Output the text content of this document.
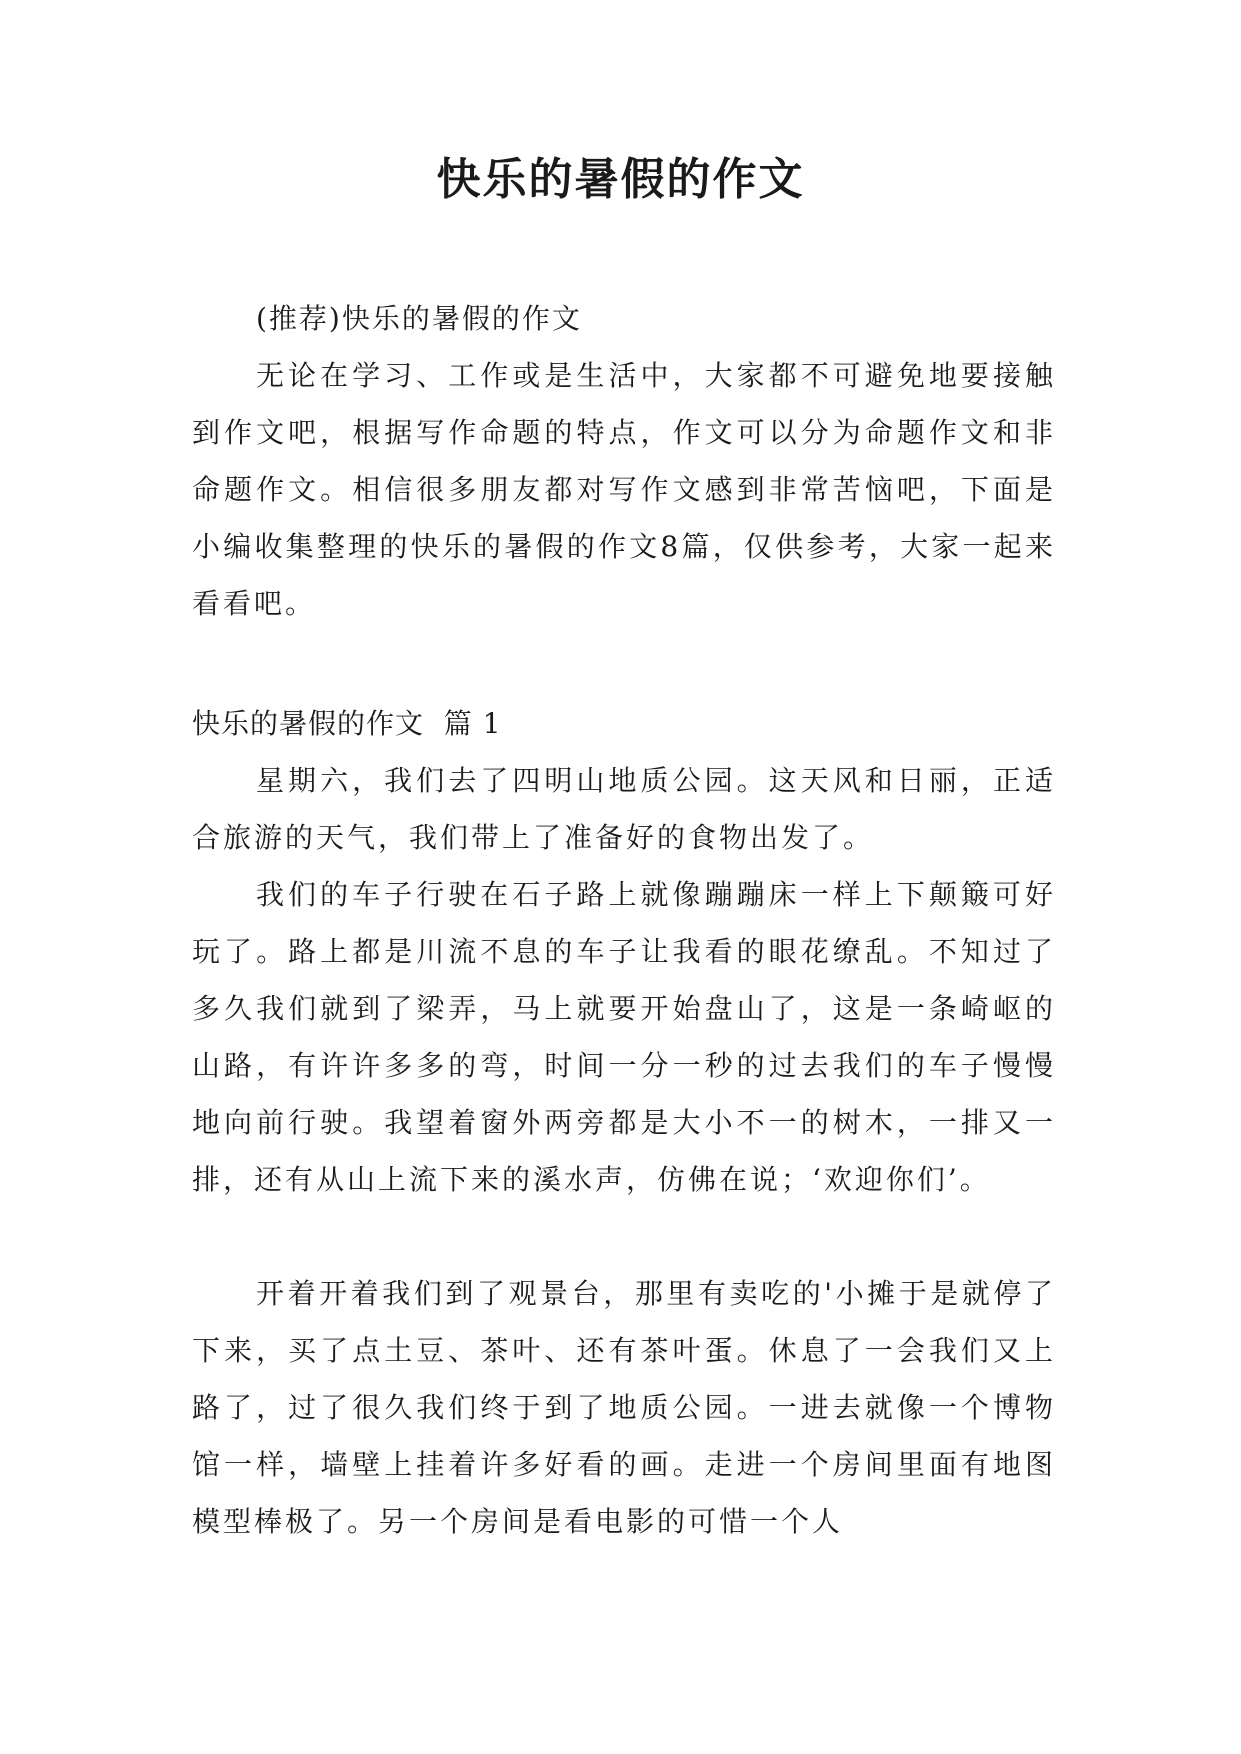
快乐的暑假的作文

(推荐)快乐的暑假的作文

无论在学习、工作或是生活中，大家都不可避免地要接触到作文吧，根据写作命题的特点，作文可以分为命题作文和非命题作文。相信很多朋友都对写作文感到非常苦恼吧，下面是小编收集整理的快乐的暑假的作文8篇，仅供参考，大家一起来看看吧。

快乐的暑假的作文  篇 1

星期六，我们去了四明山地质公园。这天风和日丽，正适合旅游的天气，我们带上了准备好的食物出发了。

我们的车子行驶在石子路上就像蹦蹦床一样上下颠簸可好玩了。路上都是川流不息的车子让我看的眼花缭乱。不知过了多久我们就到了梁弄，马上就要开始盘山了，这是一条崎岖的山路，有许许多多的弯，时间一分一秒的过去我们的车子慢慢地向前行驶。我望着窗外两旁都是大小不一的树木，一排又一排，还有从山上流下来的溪水声，仿佛在说；‘欢迎你们’。

开着开着我们到了观景台，那里有卖吃的'小摊于是就停了下来，买了点土豆、茶叶、还有茶叶蛋。休息了一会我们又上路了，过了很久我们终于到了地质公园。一进去就像一个博物馆一样，墙壁上挂着许多好看的画。走进一个房间里面有地图模型棒极了。另一个房间是看电影的可惜一个人
